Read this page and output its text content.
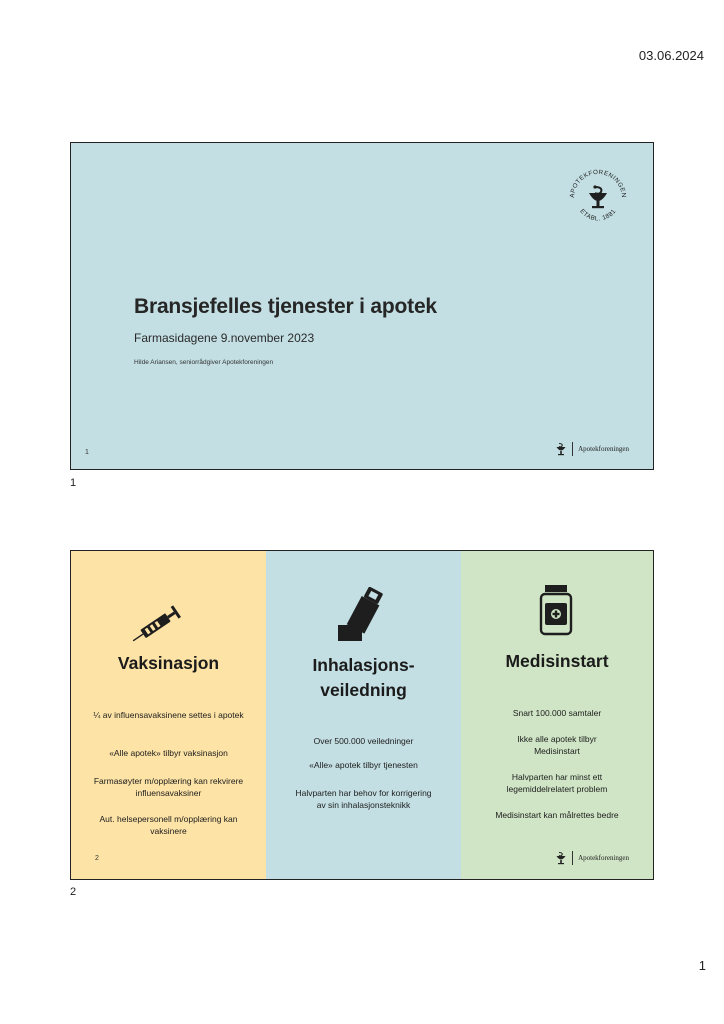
03.06.2024
APOTEKFORENINGEN
ETABL. 1881
Bransjefelles tjenester i apotek
Farmasidagene 9.november 2023
Hilde Ariansen, seniorrådgiver Apotekforeningen
1	Apotekforeningen
1
Vaksinasjon
¼ av influensavaksinene settes i apotek
«Alle apotek» tilbyr vaksinasjon
Farmasøyter m/opplæring kan rekvirere influensavaksiner
Aut. helsepersonell m/opplæring kan vaksinere
2
Inhalasjons-
veiledning
Over 500.000 veiledninger
«Alle» apotek tilbyr tjenesten
Halvparten har behov for korrigering av sin inhalasjonsteknikk
Medisinstart
Snart 100.000 samtaler
Ikke alle apotek tilbyr Medisinstart
Halvparten har minst ett legemiddelrelatert problem
Medisinstart kan målrettes bedre
Apotekforeningen
2
1
